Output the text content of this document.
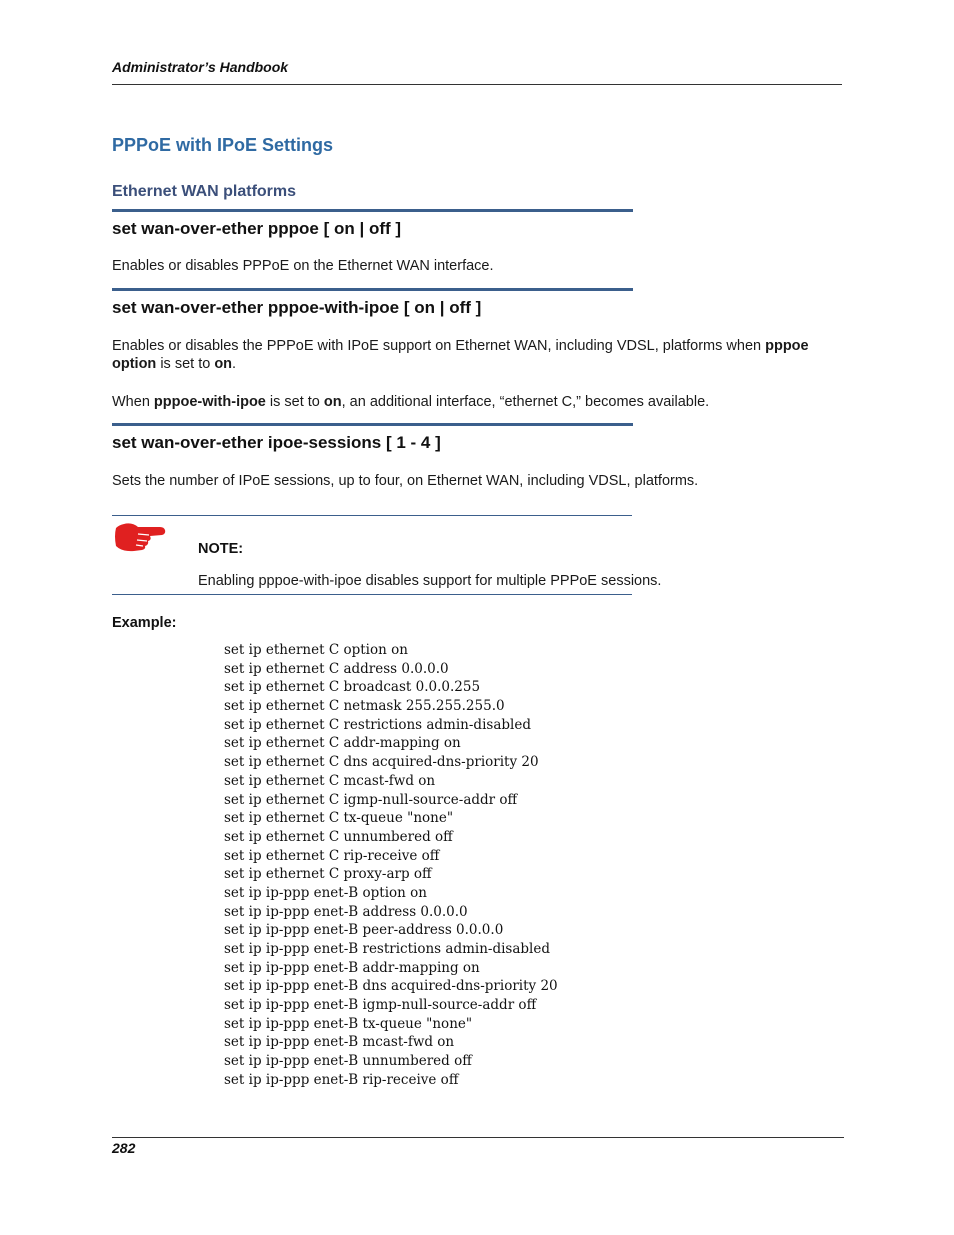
Administrator’s Handbook
PPPoE with IPoE Settings
Ethernet WAN platforms
set wan-over-ether pppoe [ on | off ]
Enables or disables PPPoE on the Ethernet WAN interface.
set wan-over-ether pppoe-with-ipoe [ on | off ]
Enables or disables the PPPoE with IPoE support on Ethernet WAN, including VDSL, platforms when pppoe option is set to on.
When pppoe-with-ipoe is set to on, an additional interface, “ethernet C,” becomes available.
set wan-over-ether ipoe-sessions [ 1 - 4 ]
Sets the number of IPoE sessions, up to four, on Ethernet WAN, including VDSL, platforms.
NOTE:
Enabling pppoe-with-ipoe disables support for multiple PPPoE sessions.
Example:
set ip ethernet C option on
set ip ethernet C address 0.0.0.0
set ip ethernet C broadcast 0.0.0.255
set ip ethernet C netmask 255.255.255.0
set ip ethernet C restrictions admin-disabled
set ip ethernet C addr-mapping on
set ip ethernet C dns acquired-dns-priority 20
set ip ethernet C mcast-fwd on
set ip ethernet C igmp-null-source-addr off
set ip ethernet C tx-queue "none"
set ip ethernet C unnumbered off
set ip ethernet C rip-receive off
set ip ethernet C proxy-arp off
set ip ip-ppp enet-B option on
set ip ip-ppp enet-B address 0.0.0.0
set ip ip-ppp enet-B peer-address 0.0.0.0
set ip ip-ppp enet-B restrictions admin-disabled
set ip ip-ppp enet-B addr-mapping on
set ip ip-ppp enet-B dns acquired-dns-priority 20
set ip ip-ppp enet-B igmp-null-source-addr off
set ip ip-ppp enet-B tx-queue "none"
set ip ip-ppp enet-B mcast-fwd on
set ip ip-ppp enet-B unnumbered off
set ip ip-ppp enet-B rip-receive off
282
